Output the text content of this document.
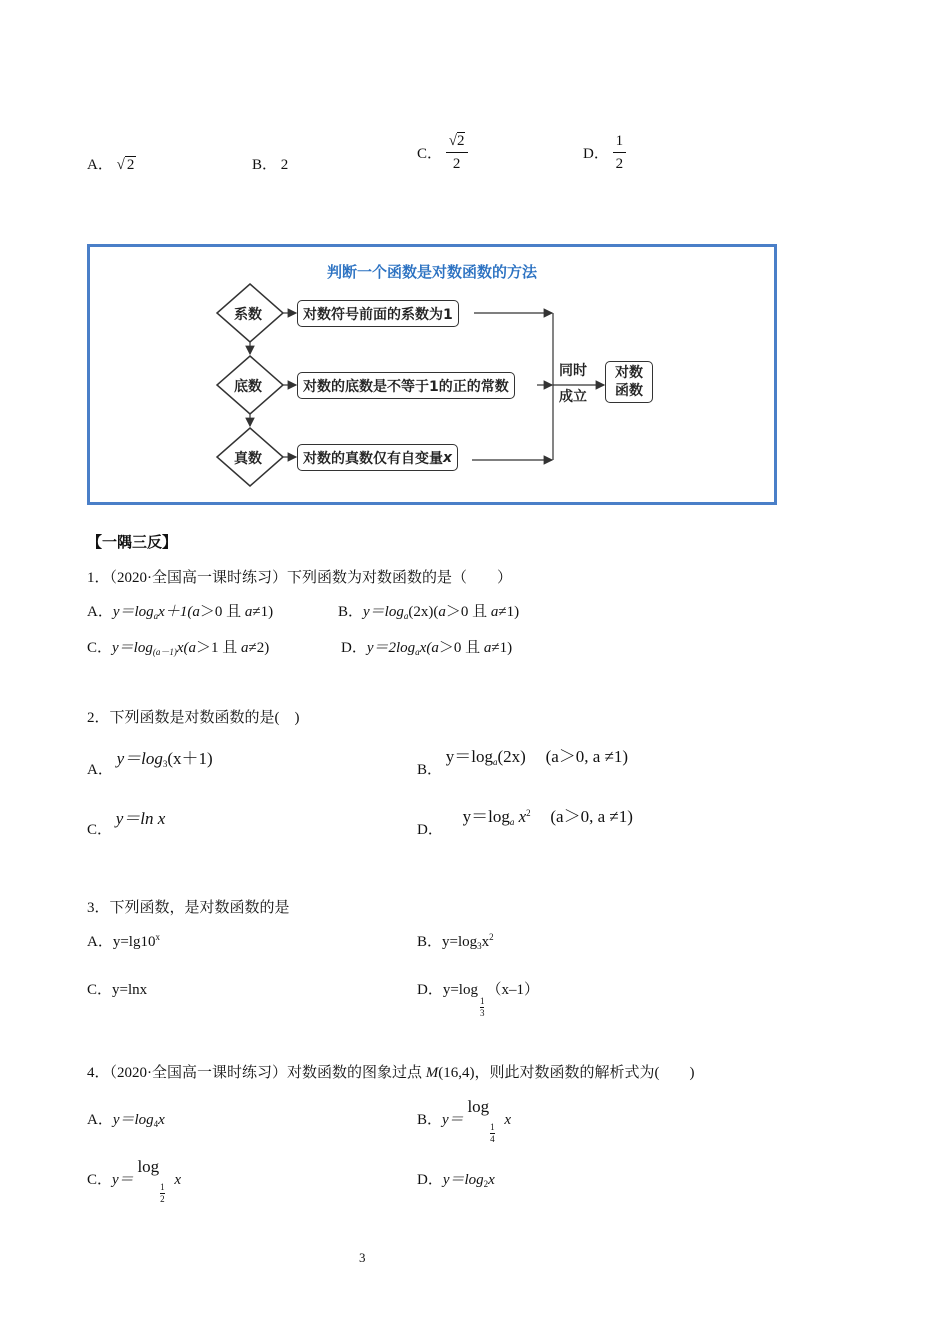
A． √ 2	B． 2
C． $\frac{√2}{2}$	D． $\frac{1}{2}$
判断一个函数是对数函数的方法
系数
底数
真数
对数符号前面的系数为1
对数的底数是不等于1的正的常数
对数的真数仅有自变量 x
同时
成立
对数
函数
【一隅三反】
1．（2020·全国高一课时练习）下列函数为对数函数的是（　　）
A．$y=\log_ax+1(a>0$ 且 a≠1)	B．$y=\log_a(2x)(a>0$ 且 a≠1)
C．$y=\log_{(a-1)}x(a>1$ 且 a≠2)	D．$y=2\log_ax(a>0$ 且 a≠1)
2．下列函数是对数函数的是(　)
A． $y=\log_3(x+1)$
B． y＝loga(2x) (a＞0, a ≠1)
C． y＝ln x
D． y＝loga $x^2$ (a＞0, a ≠1)
3．下列函数，是对数函数的是
A．$y=\lg 10^x$	B．$y=\log_3x^2$
C．y=lnx	D．y=log
$\frac{1}{3}$
（x–1）
4．（2020·全国高一课时练习）对数函数的图象过点 M(16,4)，则此对数函数的解析式为(　　)
A．$y=\log_4x$	B．y＝ log
$\frac{1}{4}$
x
C．y＝ log
$\frac{1}{2}$
x	D．$y=\log_2x$
3
